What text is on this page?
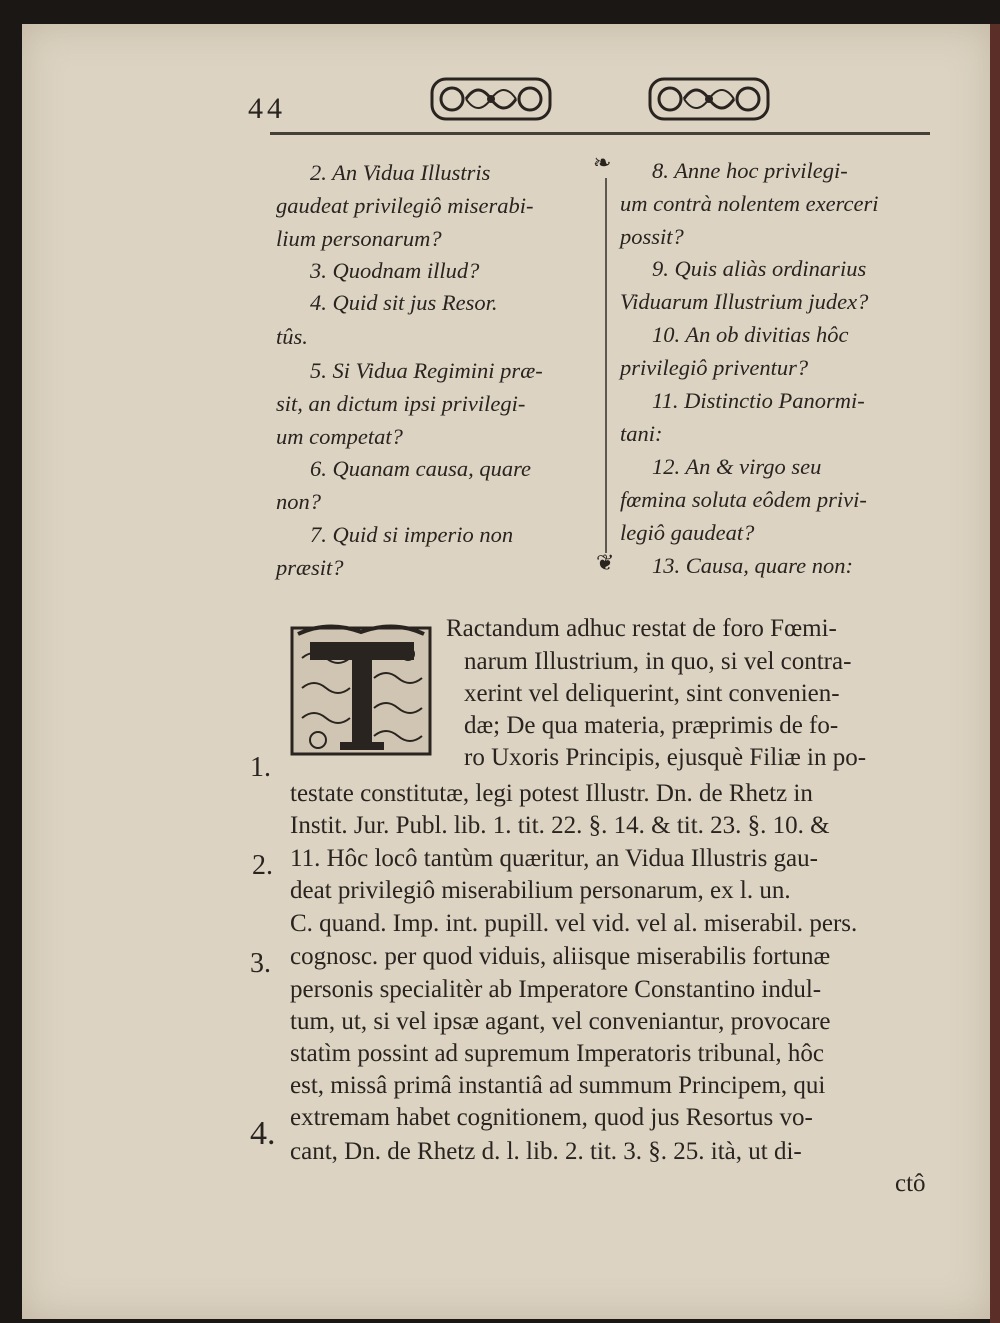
44
2. An Vidua Illustris
gaudeat privilegiô miserabi-
lium personarum?
3. Quodnam illud?
4. Quid sit jus Resor.
tûs.
5. Si Vidua Regimini præ-
sit, an dictum ipsi privilegi-
um competat?
6. Quanam causa, quare
non?
7. Quid si imperio non
præsit?
❧
❦
8. Anne hoc privilegi-
um contrà nolentem exerceri
possit?
9. Quis aliàs ordinarius
Viduarum Illustrium judex?
10. An ob divitias hôc
privilegiô priventur?
11. Distinctio Panormi-
tani:
12. An & virgo seu
fœmina soluta eôdem privi-
legiô gaudeat?
13. Causa, quare non:
Ractandum adhuc restat de foro Fœmi-
narum Illustrium, in quo, si vel contra-
xerint vel deliquerint, sint convenien-
dæ; De qua materia, præprimis de fo-
ro Uxoris Principis, ejusquè Filiæ in po-
testate constitutæ, legi potest Illustr. Dn. de Rhetz in
Instit. Jur. Publ. lib. 1. tit. 22. §. 14. & tit. 23. §. 10. &
11. Hôc locô tantùm quæritur, an Vidua Illustris gau-
deat privilegiô miserabilium personarum, ex l. un.
C. quand. Imp. int. pupill. vel vid. vel al. miserabil. pers.
cognosc. per quod viduis, aliisque miserabilis fortunæ
personis specialitèr ab Imperatore Constantino indul-
tum, ut, si vel ipsæ agant, vel conveniantur, provocare
statìm possint ad supremum Imperatoris tribunal, hôc
est, missâ primâ instantiâ ad summum Principem, qui
extremam habet cognitionem, quod jus Resortus vo-
cant, Dn. de Rhetz d. l. lib. 2. tit. 3. §. 25. ità, ut di-
ctô
1.
2.
3.
4.
